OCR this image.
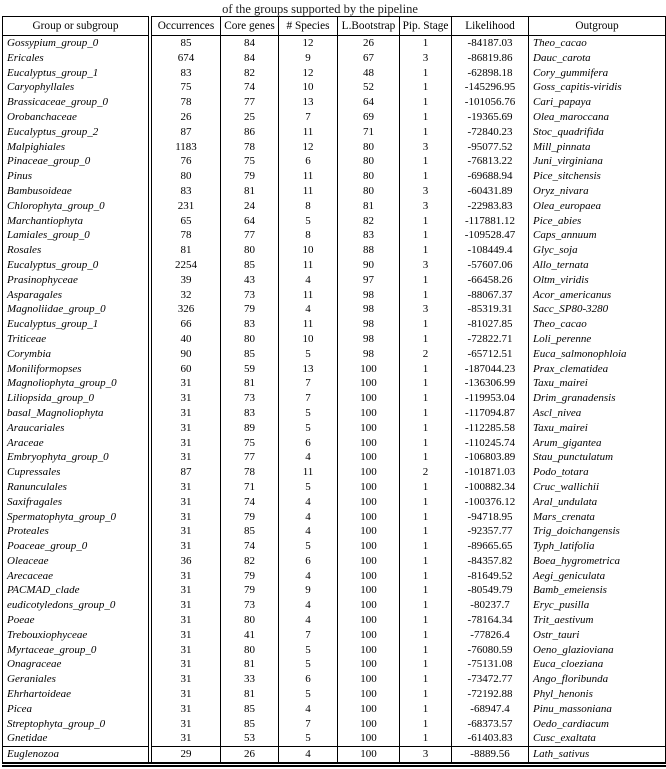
of the groups supported by the pipeline
Group or subgroup	Occurrences	Core genes	# Species	L.Bootstrap	Pip. Stage	Likelihood	Outgroup
Gossypium_group_0	85	84	12	26	1	-84187.03	Theo_cacao
Ericales	674	84	9	67	3	-86819.86	Dauc_carota
Eucalyptus_group_1	83	82	12	48	1	-62898.18	Cory_gummifera
Caryophyllales	75	74	10	52	1	-145296.95	Goss_capitis-viridis
Brassicaceae_group_0	78	77	13	64	1	-101056.76	Cari_papaya
Orobanchaceae	26	25	7	69	1	-19365.69	Olea_maroccana
Eucalyptus_group_2	87	86	11	71	1	-72840.23	Stoc_quadrifida
Malpighiales	1183	78	12	80	3	-95077.52	Mill_pinnata
Pinaceae_group_0	76	75	6	80	1	-76813.22	Juni_virginiana
Pinus	80	79	11	80	1	-69688.94	Pice_sitchensis
Bambusoideae	83	81	11	80	3	-60431.89	Oryz_nivara
Chlorophyta_group_0	231	24	8	81	3	-22983.83	Olea_europaea
Marchantiophyta	65	64	5	82	1	-117881.12	Pice_abies
Lamiales_group_0	78	77	8	83	1	-109528.47	Caps_annuum
Rosales	81	80	10	88	1	-108449.4	Glyc_soja
Eucalyptus_group_0	2254	85	11	90	3	-57607.06	Allo_ternata
Prasinophyceae	39	43	4	97	1	-66458.26	Oltm_viridis
Asparagales	32	73	11	98	1	-88067.37	Acor_americanus
Magnoliidae_group_0	326	79	4	98	3	-85319.31	Sacc_SP80-3280
Eucalyptus_group_1	66	83	11	98	1	-81027.85	Theo_cacao
Triticeae	40	80	10	98	1	-72822.71	Loli_perenne
Corymbia	90	85	5	98	2	-65712.51	Euca_salmonophloia
Moniliformopses	60	59	13	100	1	-187044.23	Prax_clematidea
Magnoliophyta_group_0	31	81	7	100	1	-136306.99	Taxu_mairei
Liliopsida_group_0	31	73	7	100	1	-119953.04	Drim_granadensis
basal_Magnoliophyta	31	83	5	100	1	-117094.87	Ascl_nivea
Araucariales	31	89	5	100	1	-112285.58	Taxu_mairei
Araceae	31	75	6	100	1	-110245.74	Arum_gigantea
Embryophyta_group_0	31	77	4	100	1	-106803.89	Stau_punctulatum
Cupressales	87	78	11	100	2	-101871.03	Podo_totara
Ranunculales	31	71	5	100	1	-100882.34	Cruc_wallichii
Saxifragales	31	74	4	100	1	-100376.12	Aral_undulata
Spermatophyta_group_0	31	79	4	100	1	-94718.95	Mars_crenata
Proteales	31	85	4	100	1	-92357.77	Trig_doichangensis
Poaceae_group_0	31	74	5	100	1	-89665.65	Typh_latifolia
Oleaceae	36	82	6	100	1	-84357.82	Boea_hygrometrica
Arecaceae	31	79	4	100	1	-81649.52	Aegi_geniculata
PACMAD_clade	31	79	9	100	1	-80549.79	Bamb_emeiensis
eudicotyledons_group_0	31	73	4	100	1	-80237.7	Eryc_pusilla
Poeae	31	80	4	100	1	-78164.34	Trit_aestivum
Trebouxiophyceae	31	41	7	100	1	-77826.4	Ostr_tauri
Myrtaceae_group_0	31	80	5	100	1	-76080.59	Oeno_glazioviana
Onagraceae	31	81	5	100	1	-75131.08	Euca_cloeziana
Geraniales	31	33	6	100	1	-73472.77	Ango_floribunda
Ehrhartoideae	31	81	5	100	1	-72192.88	Phyl_henonis
Picea	31	85	4	100	1	-68947.4	Pinu_massoniana
Streptophyta_group_0	31	85	7	100	1	-68373.57	Oedo_cardiacum
Gnetidae	31	53	5	100	1	-61403.83	Cusc_exaltata
Euglenozoa	29	26	4	100	3	-8889.56	Lath_sativus
